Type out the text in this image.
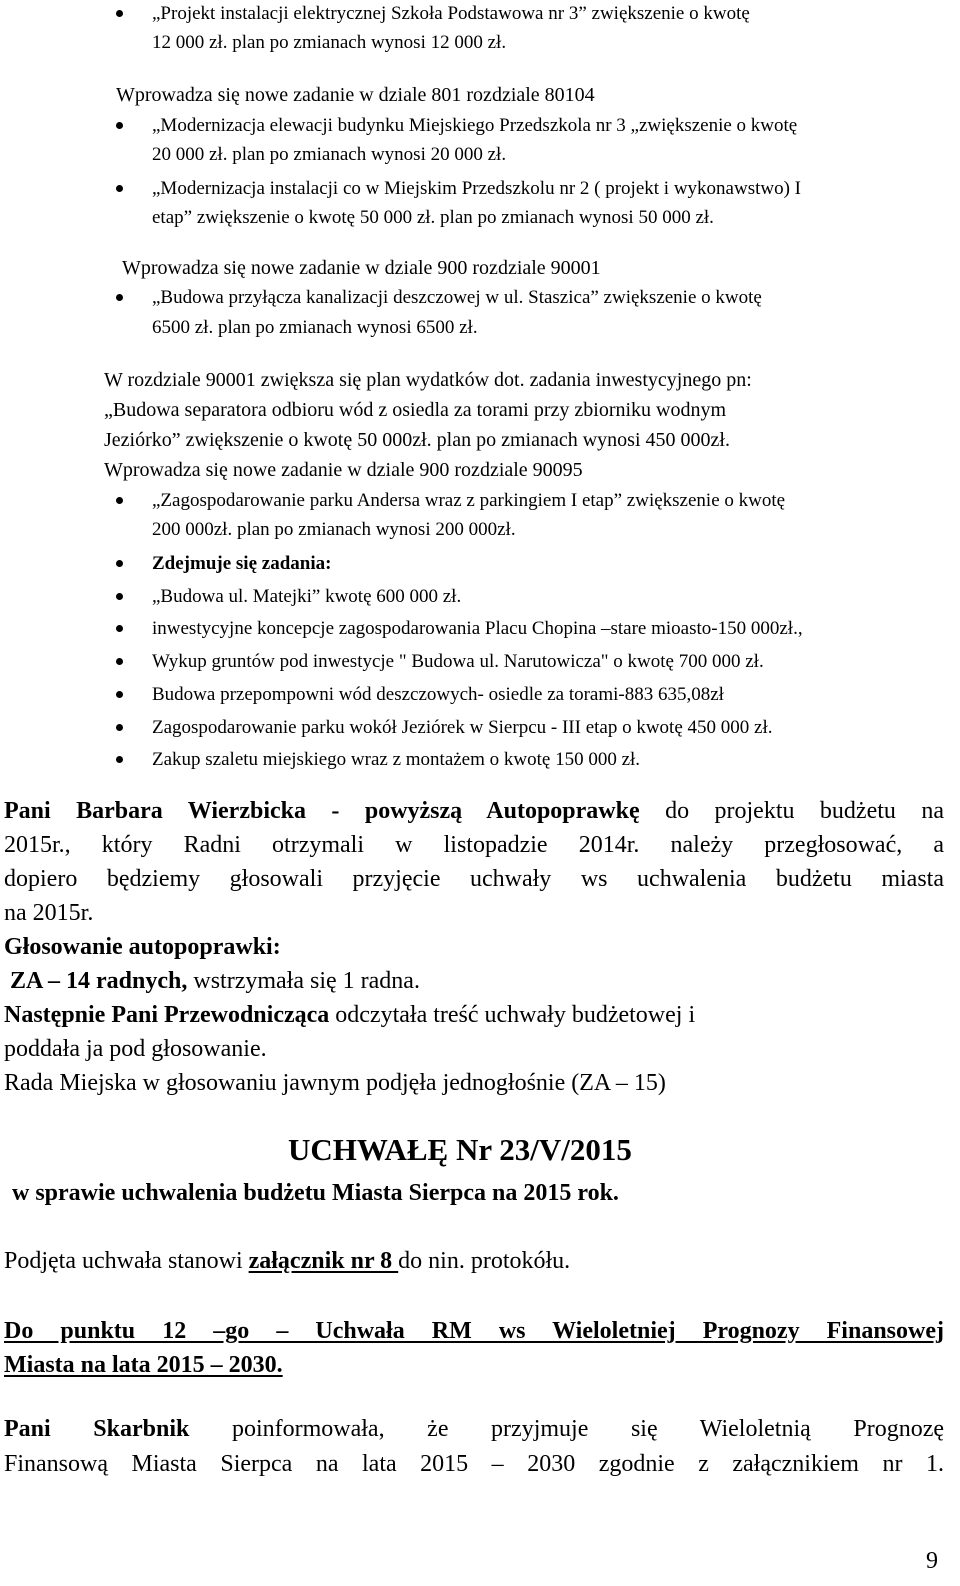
„Projekt instalacji elektrycznej Szkoła Podstawowa nr 3” zwiększenie o kwotę
12 000 zł. plan po zmianach wynosi 12 000 zł.
Wprowadza się nowe zadanie w dziale 801 rozdziale 80104
„Modernizacja elewacji budynku Miejskiego Przedszkola nr 3 „zwiększenie o kwotę
20 000 zł. plan po zmianach wynosi 20 000 zł.
„Modernizacja instalacji co w Miejskim Przedszkolu nr 2 ( projekt i wykonawstwo) I
etap” zwiększenie o kwotę 50 000 zł. plan po zmianach wynosi 50 000 zł.
Wprowadza się nowe zadanie w dziale 900 rozdziale 90001
„Budowa przyłącza kanalizacji deszczowej w ul. Staszica” zwiększenie o kwotę
6500 zł. plan po zmianach wynosi 6500 zł.
W rozdziale 90001 zwiększa się plan wydatków dot. zadania inwestycyjnego pn:
„Budowa separatora odbioru wód z osiedla za torami przy zbiorniku wodnym
Jeziórko” zwiększenie o kwotę 50 000zł. plan po zmianach wynosi 450 000zł.
Wprowadza się nowe zadanie w dziale 900 rozdziale 90095
„Zagospodarowanie parku Andersa wraz z parkingiem I etap” zwiększenie o kwotę
200 000zł. plan po zmianach wynosi 200 000zł.
Zdejmuje się zadania:
„Budowa ul. Matejki” kwotę 600 000 zł.
inwestycyjne koncepcje zagospodarowania Placu Chopina –stare mioasto-150 000zł.,
Wykup gruntów pod inwestycje " Budowa ul. Narutowicza" o kwotę 700 000 zł.
Budowa przepompowni wód deszczowych- osiedle za torami-883 635,08zł
Zagospodarowanie parku wokół Jeziórek w Sierpcu - III etap o kwotę 450 000 zł.
Zakup szaletu miejskiego wraz z montażem o kwotę 150 000 zł.
Pani Barbara Wierzbicka - powyższą Autopoprawkę do projektu budżetu na
2015r., który Radni otrzymali w listopadzie 2014r. należy przegłosować, a
dopiero będziemy głosowali przyjęcie uchwały ws uchwalenia budżetu miasta
na 2015r.
Głosowanie autopoprawki:
ZA – 14 radnych, wstrzymała się 1 radna.
Następnie Pani Przewodnicząca odczytała treść uchwały budżetowej i
poddała ja pod głosowanie.
Rada Miejska w głosowaniu jawnym podjęła jednogłośnie (ZA – 15)
UCHWAŁĘ Nr 23/V/2015
w sprawie uchwalenia budżetu Miasta Sierpca na 2015 rok.
Podjęta uchwała stanowi załącznik nr 8 do nin. protokółu.
Do punktu 12 –go – Uchwała RM ws Wieloletniej Prognozy Finansowej
Miasta na lata 2015 – 2030.
Pani Skarbnik poinformowała, że przyjmuje się Wieloletnią Prognozę
Finansową Miasta Sierpca na lata 2015 – 2030 zgodnie z załącznikiem nr 1.
9
